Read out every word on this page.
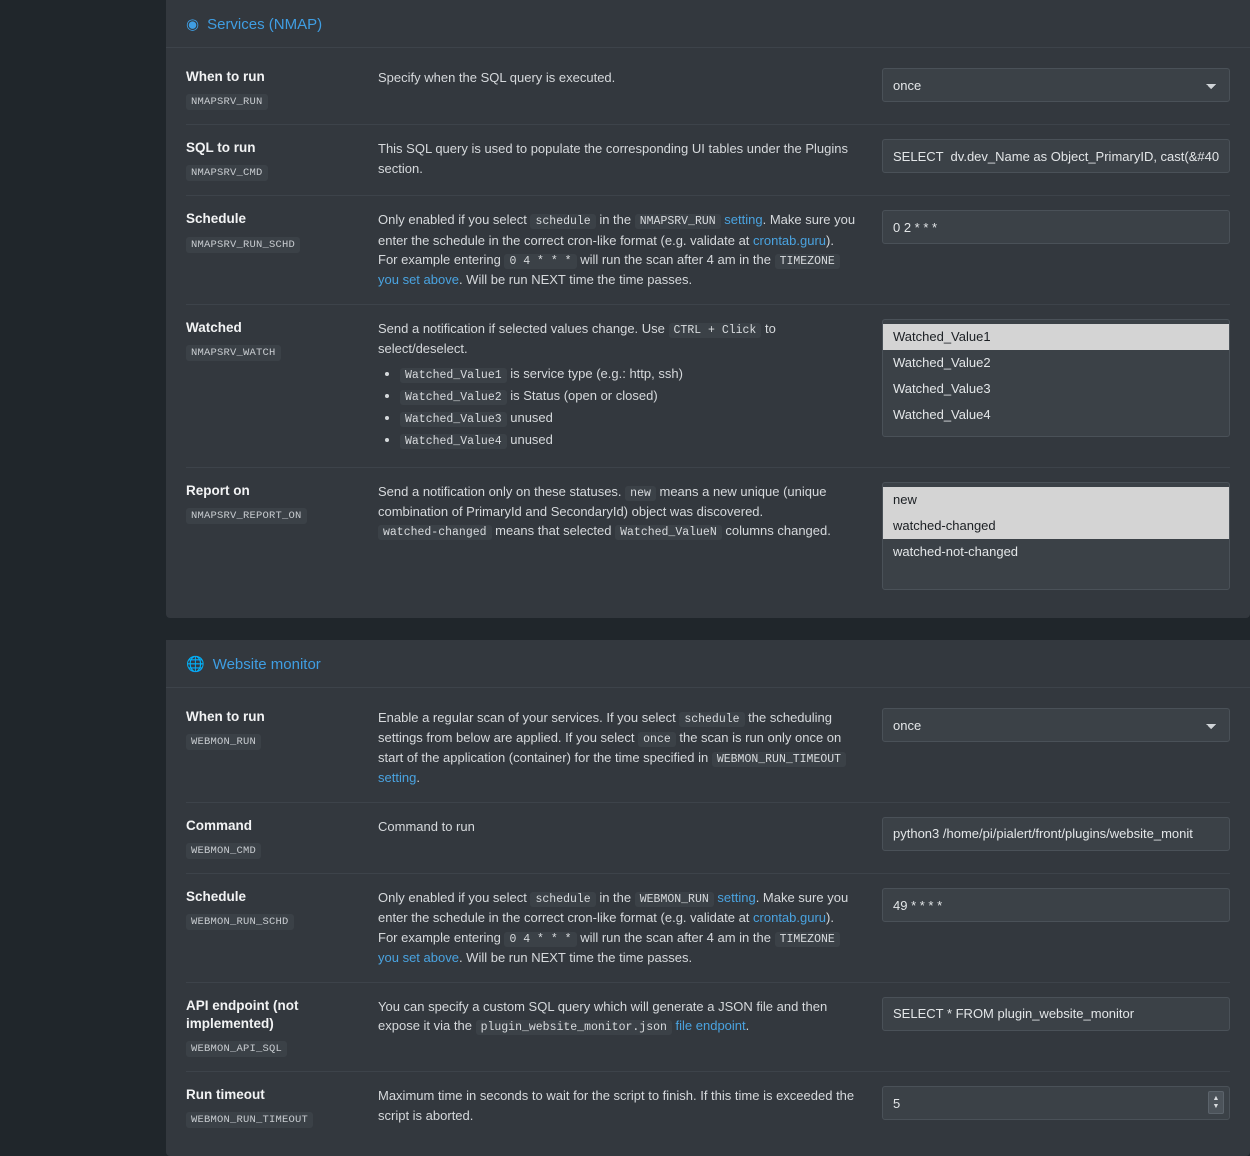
◉ Services (NMAP)
When to run
NMAPSRV_RUN
Specify when the SQL query is executed.
once
SQL to run
NMAPSRV_CMD
This SQL query is used to populate the corresponding UI tables under the Plugins section.
SELECT dv.dev_Name as Object_PrimaryID, cast(&#40;s-quo
Schedule
NMAPSRV_RUN_SCHD
Only enabled if you select schedule in the NMAPSRV_RUN setting. Make sure you enter the schedule in the correct cron-like format (e.g. validate at crontab.guru). For example entering 0 4 * * * will run the scan after 4 am in the TIMEZONE you set above. Will be run NEXT time the time passes.
0 2 * * *
Watched
NMAPSRV_WATCH
Send a notification if selected values change. Use CTRL + Click to select/deselect.
• Watched_Value1 is service type (e.g.: http, ssh)
• Watched_Value2 is Status (open or closed)
• Watched_Value3 unused
• Watched_Value4 unused
Watched_Value1
Watched_Value2
Watched_Value3
Watched_Value4
Report on
NMAPSRV_REPORT_ON
Send a notification only on these statuses. new means a new unique (unique combination of PrimaryId and SecondaryId) object was discovered. watched-changed means that selected Watched_ValueN columns changed.
new
watched-changed
watched-not-changed
🌐 Website monitor
When to run
WEBMON_RUN
Enable a regular scan of your services. If you select schedule the scheduling settings from below are applied. If you select once the scan is run only once on start of the application (container) for the time specified in WEBMON_RUN_TIMEOUT setting.
once
Command
WEBMON_CMD
Command to run
python3 /home/pi/pialert/front/plugins/website_monit
Schedule
WEBMON_RUN_SCHD
Only enabled if you select schedule in the WEBMON_RUN setting. Make sure you enter the schedule in the correct cron-like format (e.g. validate at crontab.guru). For example entering 0 4 * * * will run the scan after 4 am in the TIMEZONE you set above. Will be run NEXT time the time passes.
49 * * * *
API endpoint (not implemented)
WEBMON_API_SQL
You can specify a custom SQL query which will generate a JSON file and then expose it via the plugin_website_monitor.json file endpoint.
SELECT * FROM plugin_website_monitor
Run timeout
WEBMON_RUN_TIMEOUT
Maximum time in seconds to wait for the script to finish. If this time is exceeded the script is aborted.
5
▲
▼
